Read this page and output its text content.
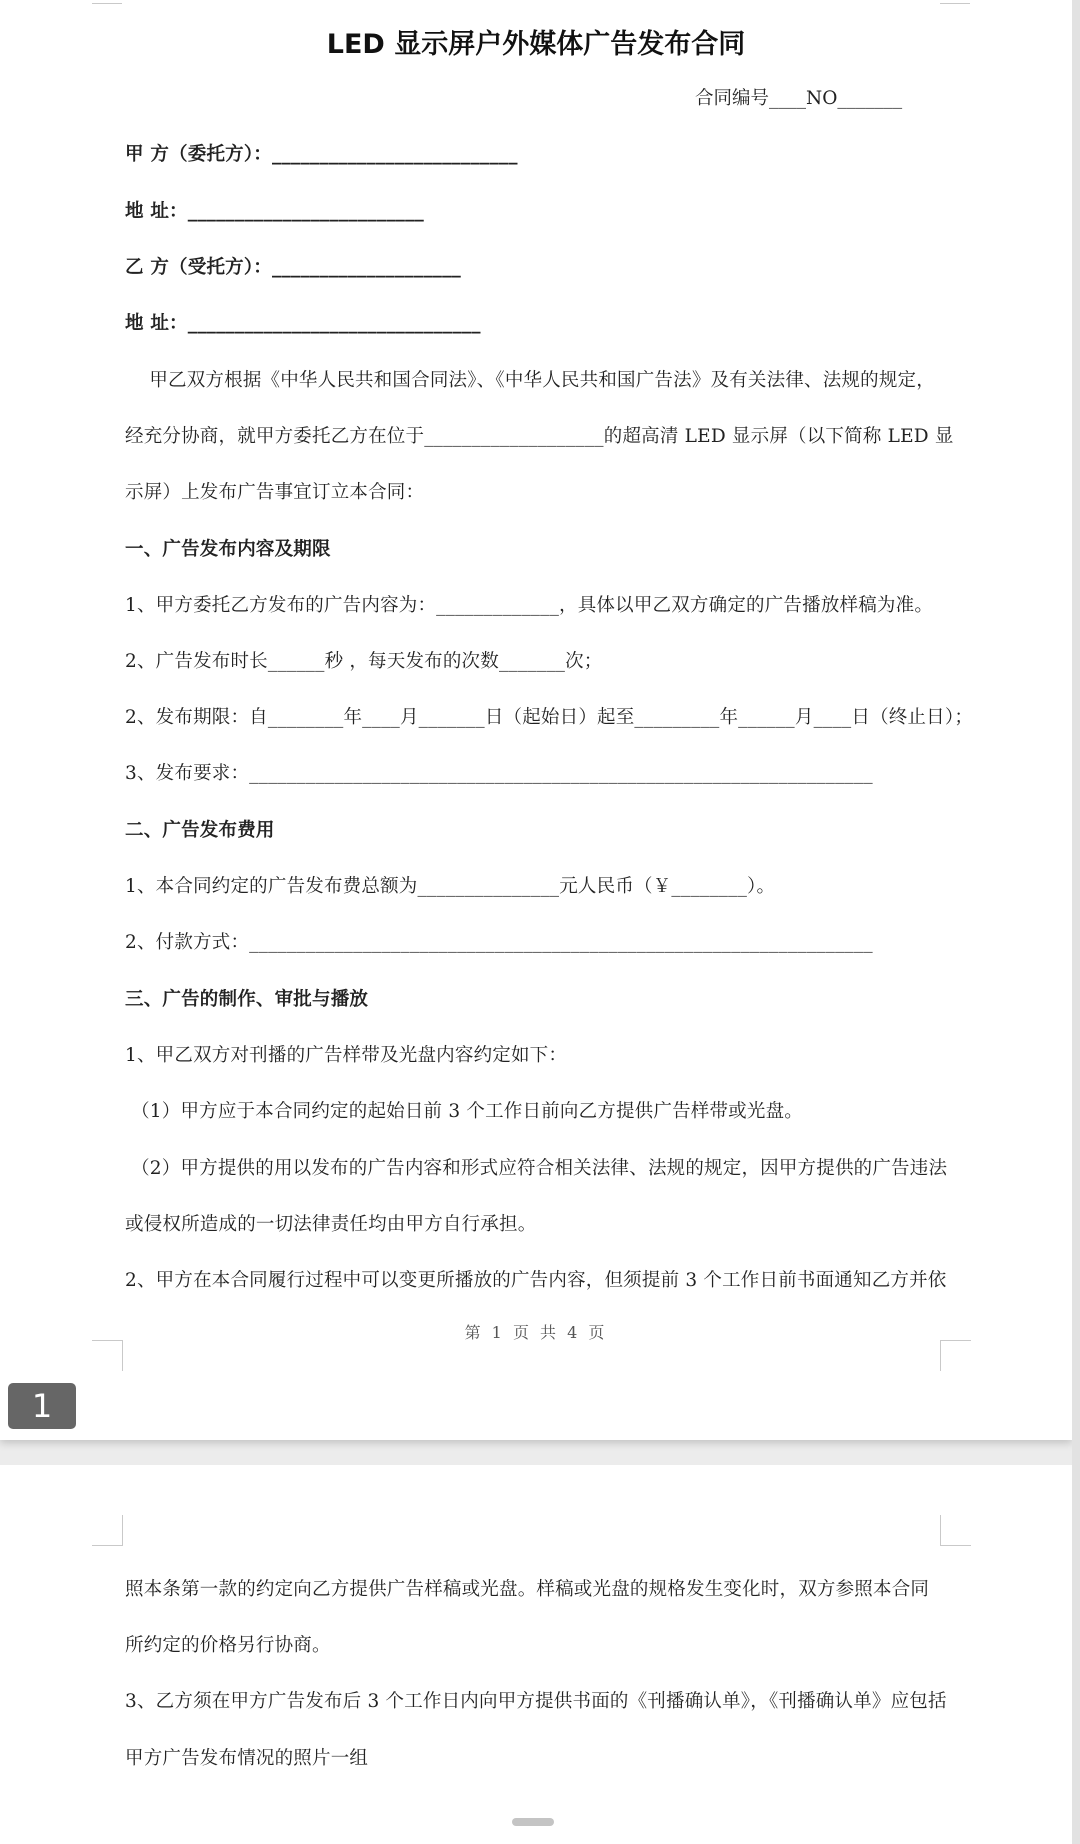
LED 显示屏户外媒体广告发布合同
合同编号____NO_______
甲 方（委托方）：__________________________
地 址：_________________________
乙 方（受托方）：____________________
地 址：_______________________________
甲乙双方根据《中华人民共和国合同法》、《中华人民共和国广告法》及有关法律、法规的规定，
经充分协商，就甲方委托乙方在位于___________________的超高清 LED 显示屏（以下简称 LED 显
示屏）上发布广告事宜订立本合同：
一、广告发布内容及期限
1、甲方委托乙方发布的广告内容为：_____________，具体以甲乙双方确定的广告播放样稿为准。
2、广告发布时长______秒 ，每天发布的次数_______次；
2、发布期限：自________年____月_______日（起始日）起至_________年______月____日（终止日）；
3、发布要求：__________________________________________________________________
二、广告发布费用
1、本合同约定的广告发布费总额为_______________元人民币（￥________）。
2、付款方式：__________________________________________________________________
三、广告的制作、审批与播放
1、甲乙双方对刊播的广告样带及光盘内容约定如下：
（1）甲方应于本合同约定的起始日前 3 个工作日前向乙方提供广告样带或光盘。
（2）甲方提供的用以发布的广告内容和形式应符合相关法律、法规的规定，因甲方提供的广告违法
或侵权所造成的一切法律责任均由甲方自行承担。
2、甲方在本合同履行过程中可以变更所播放的广告内容，但须提前 3 个工作日前书面通知乙方并依
第 1 页 共 4 页
1
照本条第一款的约定向乙方提供广告样稿或光盘。样稿或光盘的规格发生变化时，双方参照本合同
所约定的价格另行协商。
3、乙方须在甲方广告发布后 3 个工作日内向甲方提供书面的《刊播确认单》，《刊播确认单》应包括
甲方广告发布情况的照片一组
